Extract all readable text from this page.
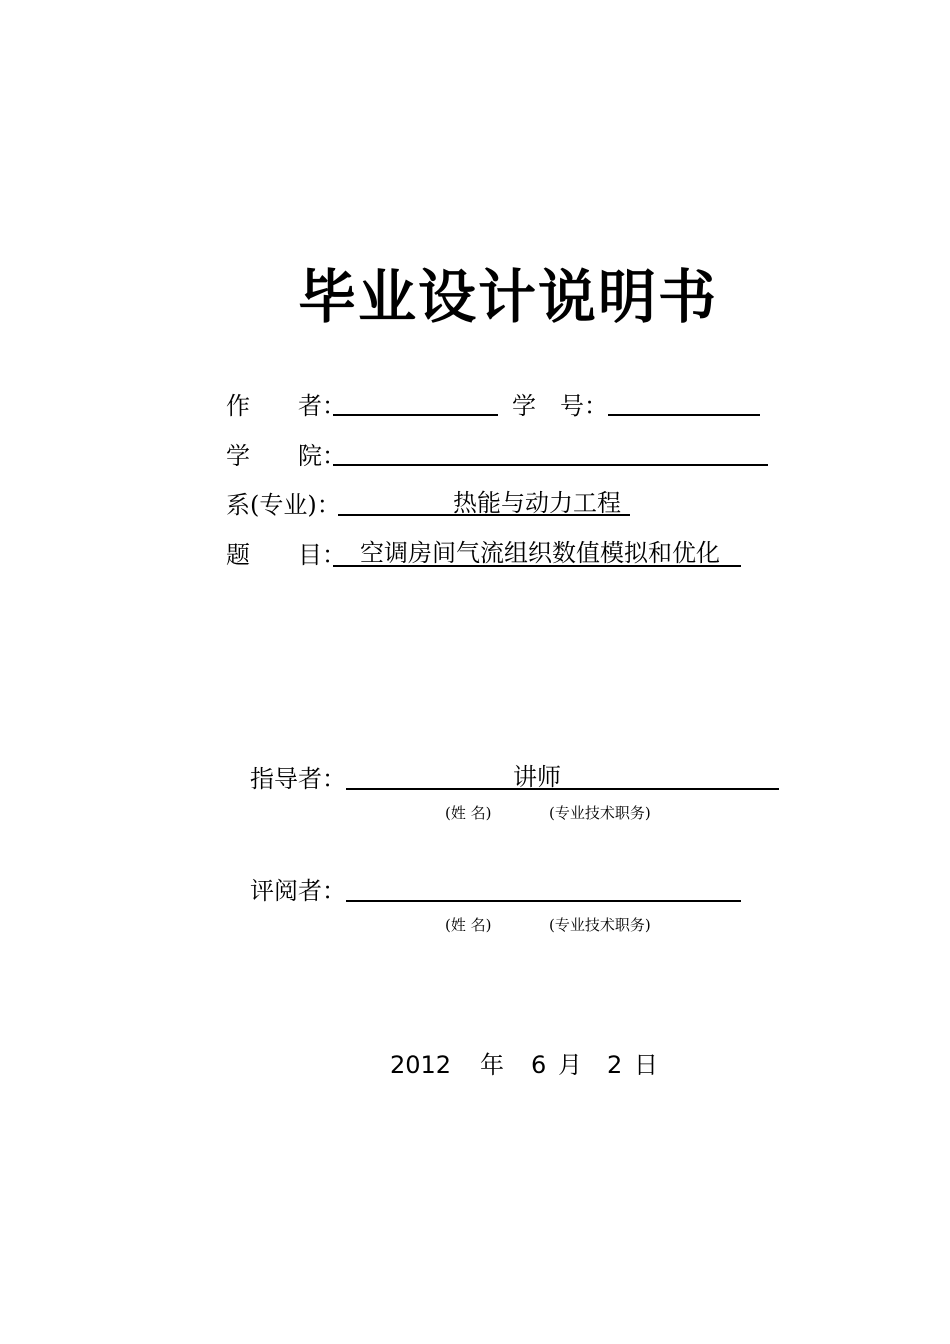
毕业设计说明书
作　　者：	学　号：
学　　院：
系(专业)：	热能与动力工程
题　　目： 空调房间气流组织数值模拟和优化
指导者：	讲师
(姓 名)	(专业技术职务)
评阅者：
(姓 名)	(专业技术职务)
2012 年 6 月 2 日
